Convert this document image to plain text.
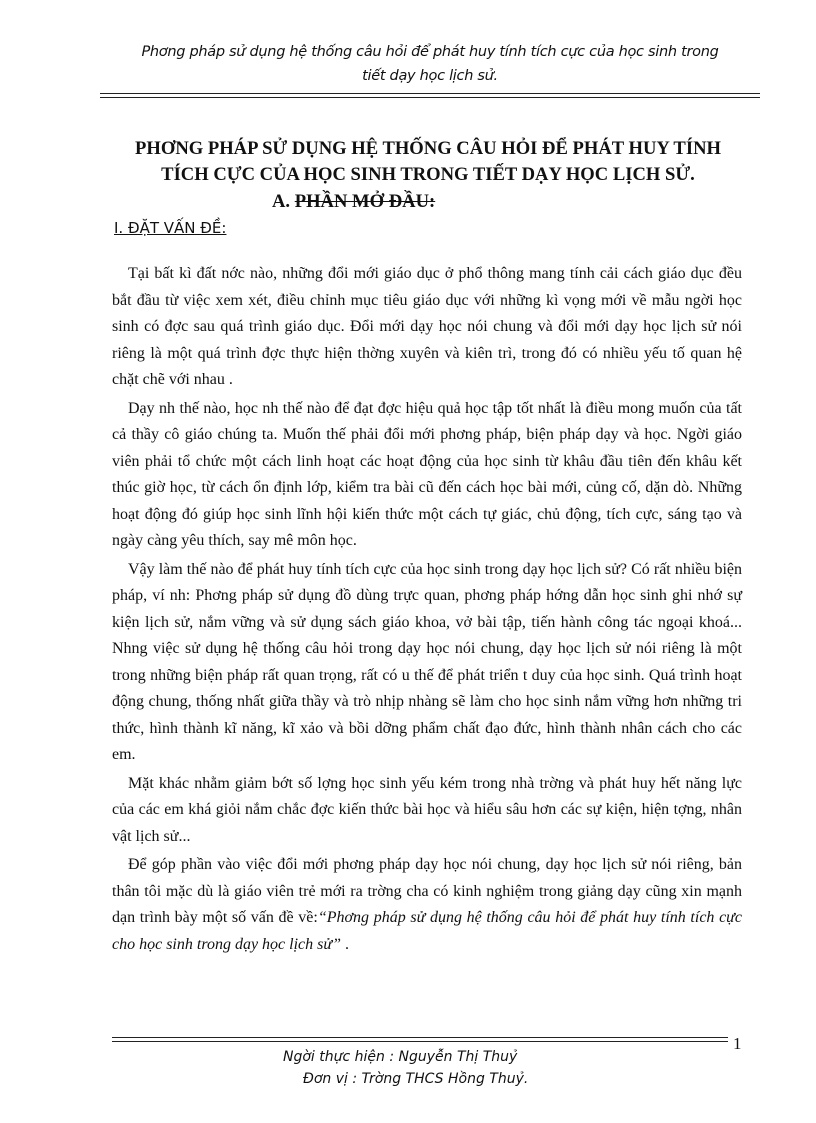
Phơng pháp sử dụng hệ thống câu hỏi để phát huy tính tích cực của học sinh trong
tiết dạy học lịch sử.
PHƠNG PHÁP SỬ DỤNG HỆ THỐNG CÂU HỎI ĐỂ PHÁT HUY TÍNH
TÍCH CỰC CỦA HỌC SINH TRONG TIẾT DẠY HỌC LỊCH SỬ.
A. PHẦN MỞ ĐẦU:
I. ĐẶT VẤN ĐỀ:

Tại bất kì đất nớc nào, những đổi mới giáo dục ở phổ thông mang tính cải cách giáo dục đều bắt đầu từ việc xem xét, điều chỉnh mục tiêu giáo dục với những kì vọng mới về mẫu ngời học sinh có đợc sau quá trình giáo dục. Đổi mới dạy học nói chung và đổi mới dạy học lịch sử nói riêng là một quá trình đợc thực hiện thờng xuyên và kiên trì, trong đó có nhiều yếu tố quan hệ chặt chẽ với nhau .

Dạy nh thế nào, học nh thế nào để đạt đợc hiệu quả học tập tốt nhất là điều mong muốn của tất cả thầy cô giáo chúng ta. Muốn thế phải đổi mới phơng pháp, biện pháp dạy và học. Ngời giáo viên phải tổ chức một cách linh hoạt các hoạt động của học sinh từ khâu đầu tiên đến khâu kết thúc giờ học, từ cách ổn định lớp, kiểm tra bài cũ đến cách học bài mới, củng cố, dặn dò. Những hoạt động đó giúp học sinh lĩnh hội kiến thức một cách tự giác, chủ động, tích cực, sáng tạo và ngày càng yêu thích, say mê môn học.

Vậy làm thế nào để phát huy tính tích cực của học sinh trong dạy học lịch sử? Có rất nhiều biện pháp, ví nh: Phơng pháp sử dụng đồ dùng trực quan, phơng pháp hớng dẫn học sinh ghi nhớ sự kiện lịch sử, nắm vững và sử dụng sách giáo khoa, vở bài tập, tiến hành công tác ngoại khoá... Nhng việc sử dụng hệ thống câu hỏi trong dạy học nói chung, dạy học lịch sử nói riêng là một trong những biện pháp rất quan trọng, rất có u thế để phát triển t duy của học sinh. Quá trình hoạt động chung, thống nhất giữa thầy và trò nhịp nhàng sẽ làm cho học sinh nắm vững hơn những tri thức, hình thành kĩ năng, kĩ xảo và bồi dỡng phẩm chất đạo đức, hình thành nhân cách cho các em.

Mặt khác nhằm giảm bớt số lợng học sinh yếu kém trong nhà trờng và phát huy hết năng lực của các em khá giỏi nắm chắc đợc kiến thức bài học và hiểu sâu hơn các sự kiện, hiện tợng, nhân vật lịch sử...

Để góp phần vào việc đổi mới phơng pháp dạy học nói chung, dạy học lịch sử nói riêng, bản thân tôi mặc dù là giáo viên trẻ mới ra trờng cha có kinh nghiệm trong giảng dạy cũng xin mạnh dạn trình bày một số vấn đề về:“Phơng pháp sử dụng hệ thống câu hỏi để phát huy tính tích cực cho học sinh trong dạy học lịch sử” .

1
Ngời thực hiện : Nguyễn Thị Thuỷ
Đơn vị : Trờng THCS Hồng Thuỷ.
